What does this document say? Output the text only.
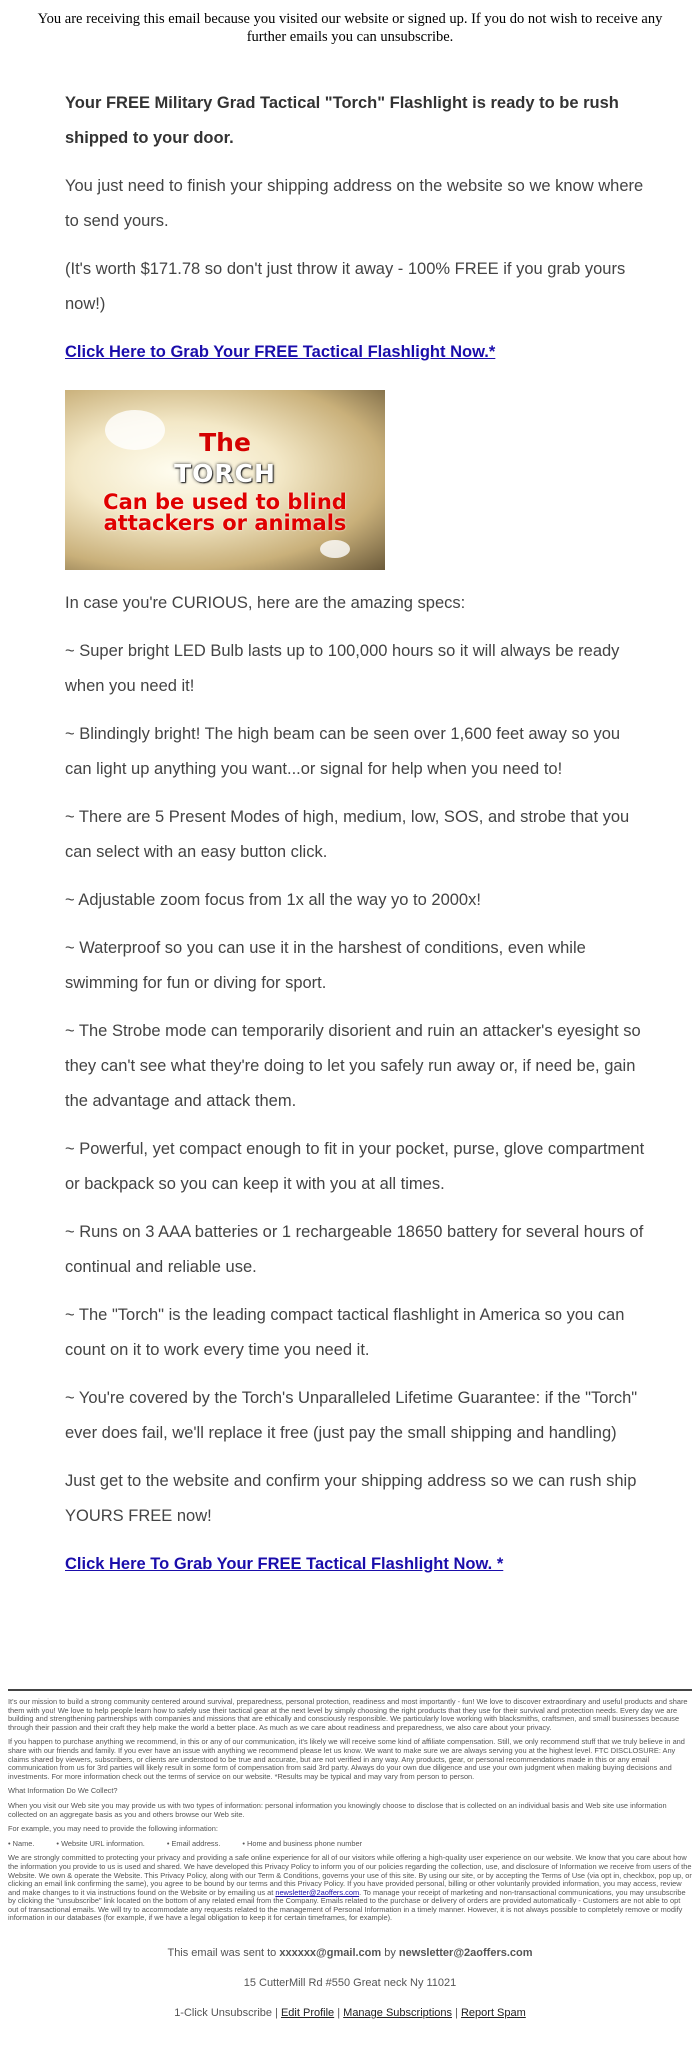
You are receiving this email because you visited our website or signed up. If you do not wish to receive any further emails you can unsubscribe.

Your FREE Military Grad Tactical "Torch" Flashlight is ready to be rush shipped to your door.

You just need to finish your shipping address on the website so we know where to send yours.

(It's worth $171.78 so don't just throw it away - 100% FREE if you grab yours now!)

Click Here to Grab Your FREE Tactical Flashlight Now.*
The
TORCH
Can be used to blind
attackers or animals

In case you're CURIOUS, here are the amazing specs:

~ Super bright LED Bulb lasts up to 100,000 hours so it will always be ready when you need it!

~ Blindingly bright! The high beam can be seen over 1,600 feet away so you can light up anything you want...or signal for help when you need to!

~ There are 5 Present Modes of high, medium, low, SOS, and strobe that you can select with an easy button click.

~ Adjustable zoom focus from 1x all the way yo to 2000x!

~ Waterproof so you can use it in the harshest of conditions, even while swimming for fun or diving for sport.

~ The Strobe mode can temporarily disorient and ruin an attacker's eyesight so they can't see what they're doing to let you safely run away or, if need be, gain the advantage and attack them.

~ Powerful, yet compact enough to fit in your pocket, purse, glove compartment or backpack so you can keep it with you at all times.

~ Runs on 3 AAA batteries or 1 rechargeable 18650 battery for several hours of continual and reliable use.

~ The "Torch" is the leading compact tactical flashlight in America so you can count on it to work every time you need it.

~ You're covered by the Torch's Unparalleled Lifetime Guarantee: if the "Torch" ever does fail, we'll replace it free (just pay the small shipping and handling)

Just get to the website and confirm your shipping address so we can rush ship YOURS FREE now!

Click Here To Grab Your FREE Tactical Flashlight Now. *

It's our mission to build a strong community centered around survival, preparedness, personal protection, readiness and most importantly - fun! We love to discover extraordinary and useful products and share them with you! We love to help people learn how to safely use their tactical gear at the next level by simply choosing the right products that they use for their survival and protection needs. Every day we are building and strengthening partnerships with companies and missions that are ethically and consciously responsible. We particularly love working with blacksmiths, craftsmen, and small businesses because through their passion and their craft they help make the world a better place. As much as we care about readiness and preparedness, we also care about your privacy.

If you happen to purchase anything we recommend, in this or any of our communication, it's likely we will receive some kind of affiliate compensation. Still, we only recommend stuff that we truly believe in and share with our friends and family. If you ever have an issue with anything we recommend please let us know. We want to make sure we are always serving you at the highest level. FTC DISCLOSURE: Any claims shared by viewers, subscribers, or clients are understood to be true and accurate, but are not verified in any way. Any products, gear, or personal recommendations made in this or any email communication from us for 3rd parties will likely result in some form of compensation from said 3rd party. Always do your own due diligence and use your own judgment when making buying decisions and investments. For more information check out the terms of service on our website. *Results may be typical and may vary from person to person.

What Information Do We Collect?

When you visit our Web site you may provide us with two types of information: personal information you knowingly choose to disclose that is collected on an individual basis and Web site use information collected on an aggregate basis as you and others browse our Web site.

For example, you may need to provide the following information:

• Name.	• Website URL information.	• Email address.	• Home and business phone number

We are strongly committed to protecting your privacy and providing a safe online experience for all of our visitors while offering a high-quality user experience on our website. We know that you care about how the information you provide to us is used and shared. We have developed this Privacy Policy to inform you of our policies regarding the collection, use, and disclosure of Information we receive from users of the Website. We own & operate the Website. This Privacy Policy, along with our Term & Conditions, governs your use of this site. By using our site, or by accepting the Terms of Use (via opt in, checkbox, pop up, or clicking an email link confirming the same), you agree to be bound by our terms and this Privacy Policy. If you have provided personal, billing or other voluntarily provided information, you may access, review and make changes to it via instructions found on the Website or by emailing us at newsletter@2aoffers.com. To manage your receipt of marketing and non-transactional communications, you may unsubscribe by clicking the "unsubscribe" link located on the bottom of any related email from the Company. Emails related to the purchase or delivery of orders are provided automatically - Customers are not able to opt out of transactional emails. We will try to accommodate any requests related to the management of Personal Information in a timely manner. However, it is not always possible to completely remove or modify information in our databases (for example, if we have a legal obligation to keep it for certain timeframes, for example).

This email was sent to xxxxxx@gmail.com by newsletter@2aoffers.com
15 CutterMill Rd #550 Great neck Ny 11021
1-Click Unsubscribe | Edit Profile | Manage Subscriptions | Report Spam
